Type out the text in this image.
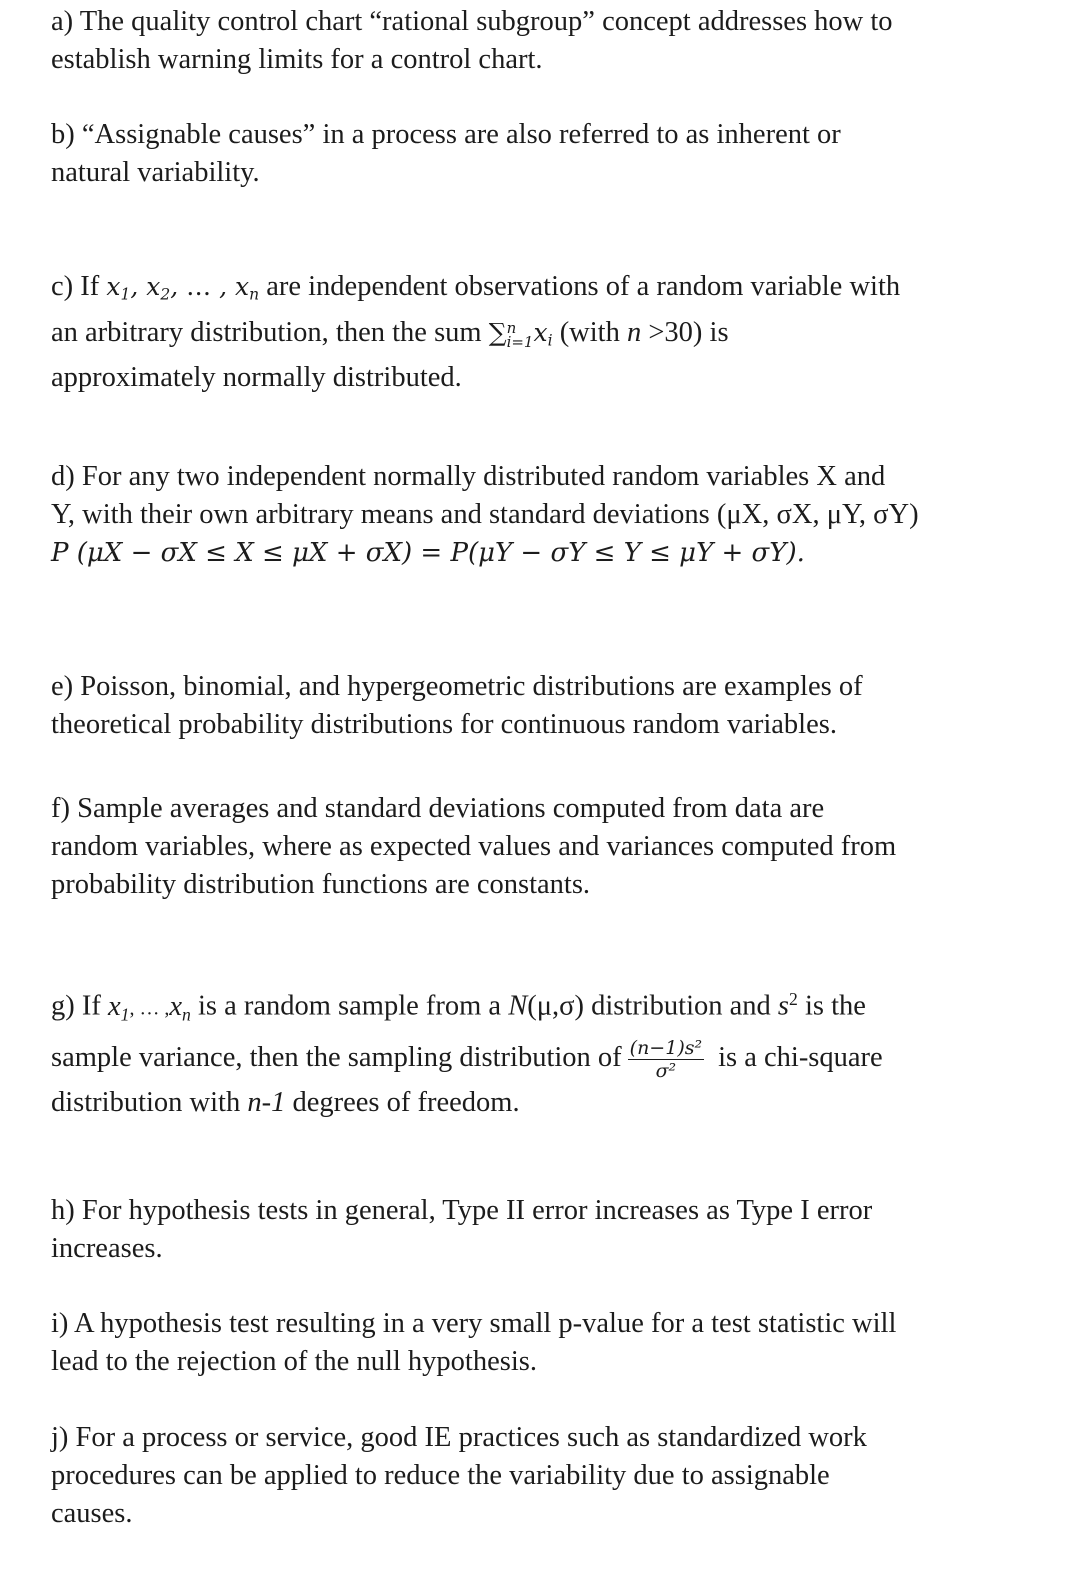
a) The quality control chart “rational subgroup” concept addresses how to
establish warning limits for a control chart.
b) “Assignable causes” in a process are also referred to as inherent or
natural variability.
c) If $x_1$, $x_2$, … , $x_n$ are independent observations of a random variable with
an arbitrary distribution, then the sum ∑ n
i=1 $x_i$ (with n >30) is
approximately normally distributed.
d) For any two independent normally distributed random variables X and
Y, with their own arbitrary means and standard deviations (μX, σX, μY, σY)
P (μX − σX ≤ X ≤ μX + σX) = P(μY − σY ≤ Y ≤ μY + σY).
e) Poisson, binomial, and hypergeometric distributions are examples of
theoretical probability distributions for continuous random variables.
f) Sample averages and standard deviations computed from data are
random variables, where as expected values and variances computed from
probability distribution functions are constants.
g) If $x_1$, … $,x_n$ is a random sample from a N(μ,σ) distribution and $s^2$ is the
sample variance, then the sampling distribution of $\frac{\text{(n−1)s²}}{\text{σ²}}$ is a chi-square
distribution with n-1 degrees of freedom.
h) For hypothesis tests in general, Type II error increases as Type I error
increases.
i) A hypothesis test resulting in a very small p-value for a test statistic will
lead to the rejection of the null hypothesis.
j) For a process or service, good IE practices such as standardized work
procedures can be applied to reduce the variability due to assignable
causes.
